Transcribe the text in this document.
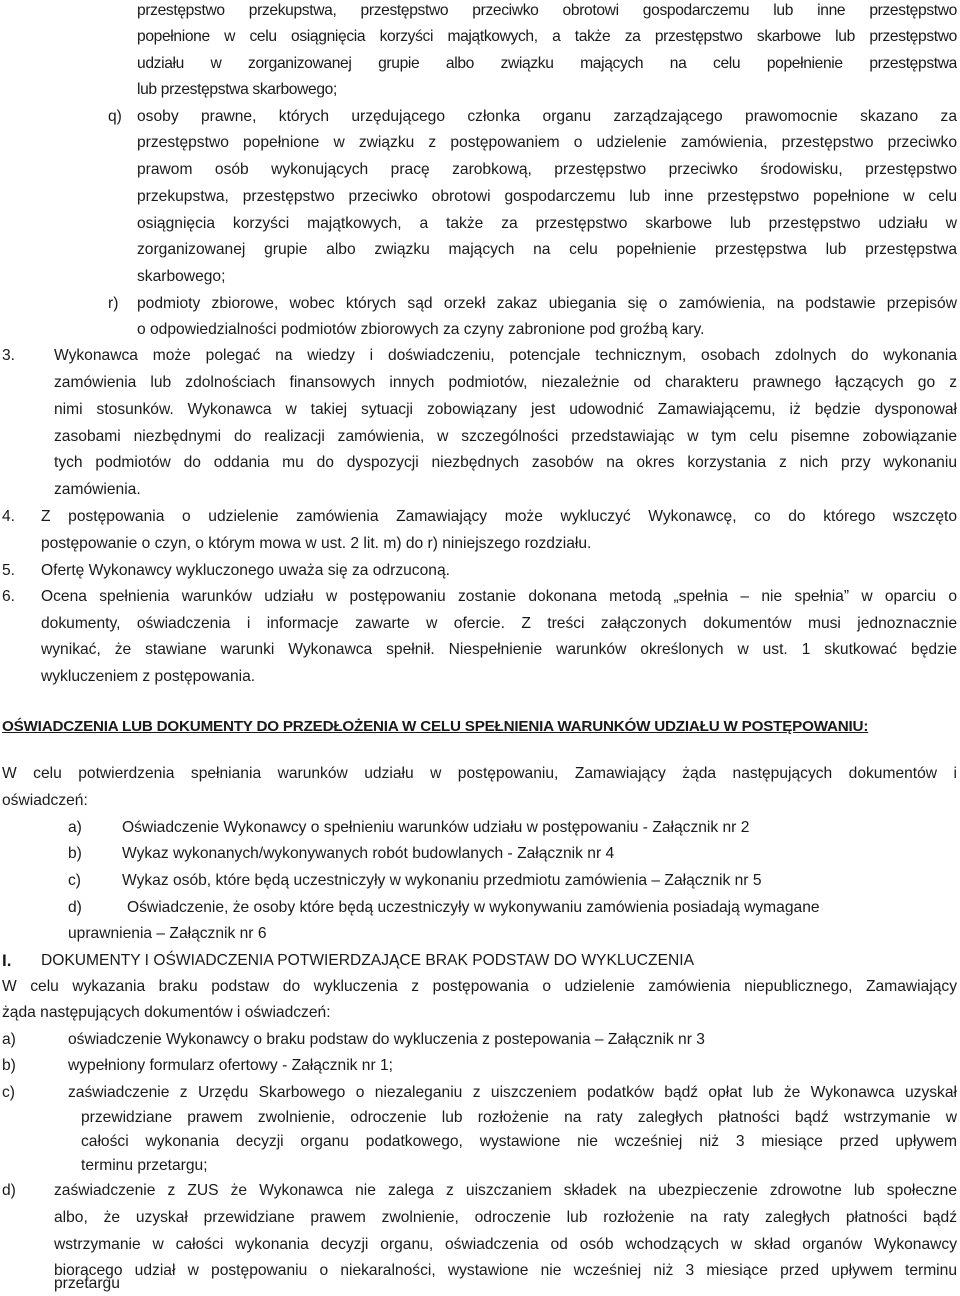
przestępstwo przekupstwa, przestępstwo przeciwko obrotowi gospodarczemu lub inne przestępstwo
popełnione w celu osiągnięcia korzyści majątkowych, a także za przestępstwo skarbowe lub przestępstwo
udziału w zorganizowanej grupie albo związku mających na celu popełnienie przestępstwa
lub przestępstwa skarbowego;
q) osoby prawne, których urzędującego członka organu zarządzającego prawomocnie skazano za
przestępstwo popełnione w związku z postępowaniem o udzielenie zamówienia, przestępstwo przeciwko
prawom osób wykonujących pracę zarobkową, przestępstwo przeciwko środowisku, przestępstwo
przekupstwa, przestępstwo przeciwko obrotowi gospodarczemu lub inne przestępstwo popełnione w celu
osiągnięcia korzyści majątkowych, a także za przestępstwo skarbowe lub przestępstwo udziału w
zorganizowanej grupie albo związku mających na celu popełnienie przestępstwa lub przestępstwa
skarbowego;
r) podmioty zbiorowe, wobec których sąd orzekł zakaz ubiegania się o zamówienia, na podstawie przepisów
o odpowiedzialności podmiotów zbiorowych za czyny zabronione pod groźbą kary.
3. Wykonawca może polegać na wiedzy i doświadczeniu, potencjale technicznym, osobach zdolnych do wykonania
zamówienia lub zdolnościach finansowych innych podmiotów, niezależnie od charakteru prawnego łączących go z
nimi stosunków. Wykonawca w takiej sytuacji zobowiązany jest udowodnić Zamawiającemu, iż będzie dysponował
zasobami niezbędnymi do realizacji zamówienia, w szczególności przedstawiając w tym celu pisemne zobowiązanie
tych podmiotów do oddania mu do dyspozycji niezbędnych zasobów na okres korzystania z nich przy wykonaniu
zamówienia.
4. Z postępowania o udzielenie zamówienia Zamawiający może wykluczyć Wykonawcę, co do którego wszczęto
postępowanie o czyn, o którym mowa w ust. 2 lit. m) do r) niniejszego rozdziału.
5. Ofertę Wykonawcy wykluczonego uważa się za odrzuconą.
6. Ocena spełnienia warunków udziału w postępowaniu zostanie dokonana metodą „spełnia – nie spełnia” w oparciu o
dokumenty, oświadczenia i informacje zawarte w ofercie. Z treści załączonych dokumentów musi jednoznacznie
wynikać, że stawiane warunki Wykonawca spełnił. Niespełnienie warunków określonych w ust. 1 skutkować będzie
wykluczeniem z postępowania.
OŚWIADCZENIA LUB DOKUMENTY DO PRZEDŁOŻENIA W CELU SPEŁNIENIA WARUNKÓW UDZIAŁU W POSTĘPOWANIU:
W celu potwierdzenia spełniania warunków udziału w postępowaniu, Zamawiający żąda następujących dokumentów i
oświadczeń:
a)	Oświadczenie Wykonawcy o spełnieniu warunków udziału w postępowaniu - Załącznik nr 2
b)	Wykaz wykonanych/wykonywanych robót budowlanych - Załącznik nr 4
c)	Wykaz osób, które będą uczestniczyły w wykonaniu przedmiotu zamówienia – Załącznik nr 5
d)	Oświadczenie, że osoby które będą uczestniczyły w wykonywaniu zamówienia posiadają wymagane
uprawnienia – Załącznik nr 6
I. DOKUMENTY I OŚWIADCZENIA POTWIERDZAJĄCE BRAK PODSTAW DO WYKLUCZENIA
W celu wykazania braku podstaw do wykluczenia z postępowania o udzielenie zamówienia niepublicznego, Zamawiający
żąda następujących dokumentów i oświadczeń:
a)	oświadczenie Wykonawcy o braku podstaw do wykluczenia z postepowania – Załącznik nr 3
b)	wypełniony formularz ofertowy - Załącznik nr 1;
c)	zaświadczenie z Urzędu Skarbowego o niezaleganiu z uiszczeniem podatków bądź opłat lub że Wykonawca uzyskał
przewidziane prawem zwolnienie, odroczenie lub rozłożenie na raty zaległych płatności bądź wstrzymanie w
całości wykonania decyzji organu podatkowego, wystawione nie wcześniej niż 3 miesiące przed upływem
terminu przetargu;
d) zaświadczenie z ZUS że Wykonawca nie zalega z uiszczaniem składek na ubezpieczenie zdrowotne lub społeczne
albo, że uzyskał przewidziane prawem zwolnienie, odroczenie lub rozłożenie na raty zaległych płatności bądź
wstrzymanie w całości wykonania decyzji organu, oświadczenia od osób wchodzących w skład organów Wykonawcy
biorącego udział w postępowaniu o niekaralności, wystawione nie wcześniej niż 3 miesiące przed upływem terminu
przetargu
